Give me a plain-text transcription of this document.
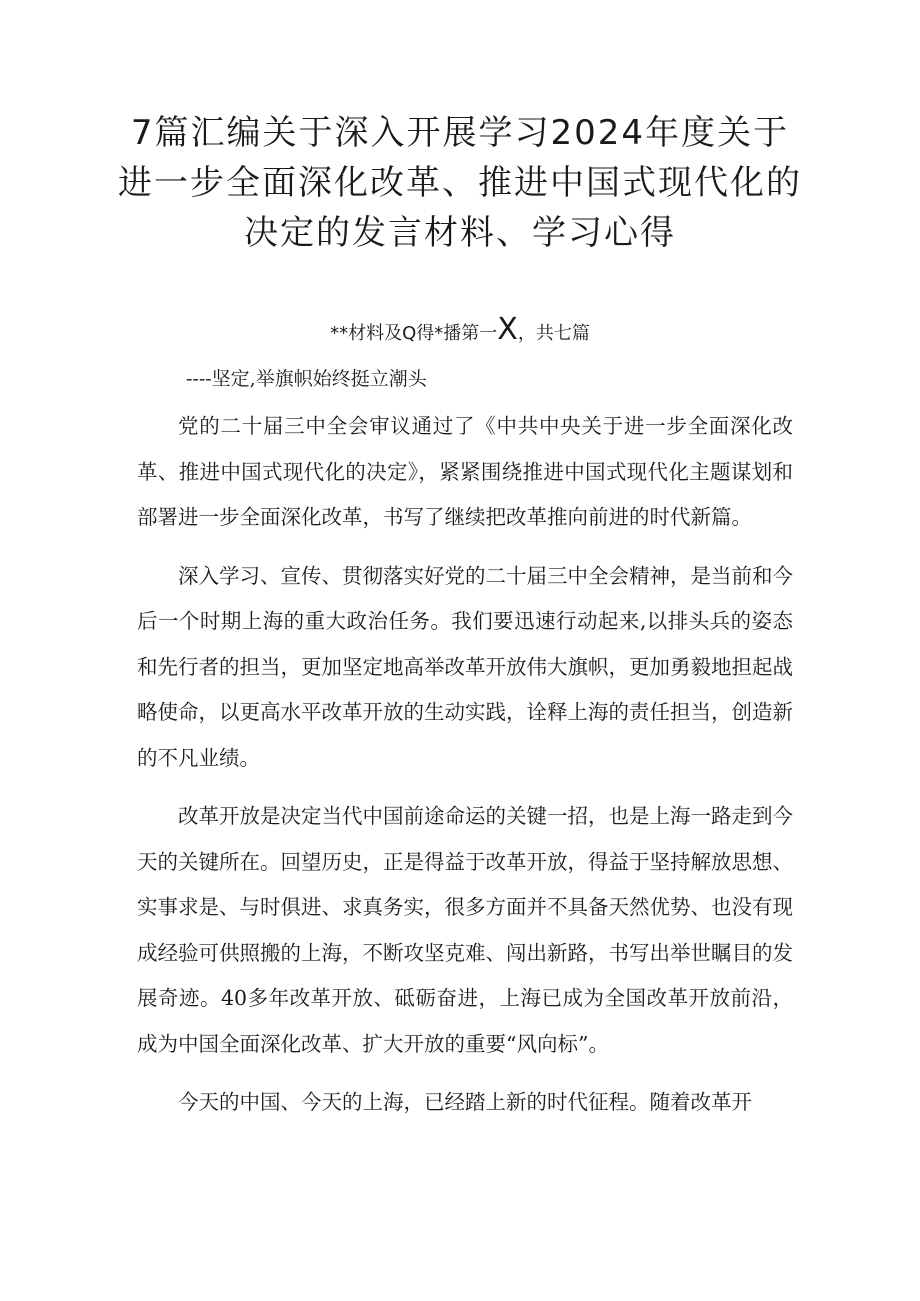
7篇汇编关于深入开展学习2024年度关于
进一步全面深化改革、推进中国式现代化的
决定的发言材料、学习心得
**材料及Q得*播第一X，共七篇
----坚定,举旗帜始终挺立潮头

党的二十届三中全会审议通过了《中共中央关于进一步全面深化改革、推进中国式现代化的决定》，紧紧围绕推进中国式现代化主题谋划和部署进一步全面深化改革，书写了继续把改革推向前进的时代新篇。

深入学习、宣传、贯彻落实好党的二十届三中全会精神，是当前和今后一个时期上海的重大政治任务。我们要迅速行动起来,以排头兵的姿态和先行者的担当，更加坚定地高举改革开放伟大旗帜，更加勇毅地担起战略使命，以更高水平改革开放的生动实践，诠释上海的责任担当，创造新的不凡业绩。

改革开放是决定当代中国前途命运的关键一招，也是上海一路走到今天的关键所在。回望历史，正是得益于改革开放，得益于坚持解放思想、实事求是、与时俱进、求真务实，很多方面并不具备天然优势、也没有现成经验可供照搬的上海，不断攻坚克难、闯出新路，书写出举世瞩目的发展奇迹。40多年改革开放、砥砺奋进，上海已成为全国改革开放前沿，成为中国全面深化改革、扩大开放的重要“风向标”。

今天的中国、今天的上海，已经踏上新的时代征程。随着改革开
